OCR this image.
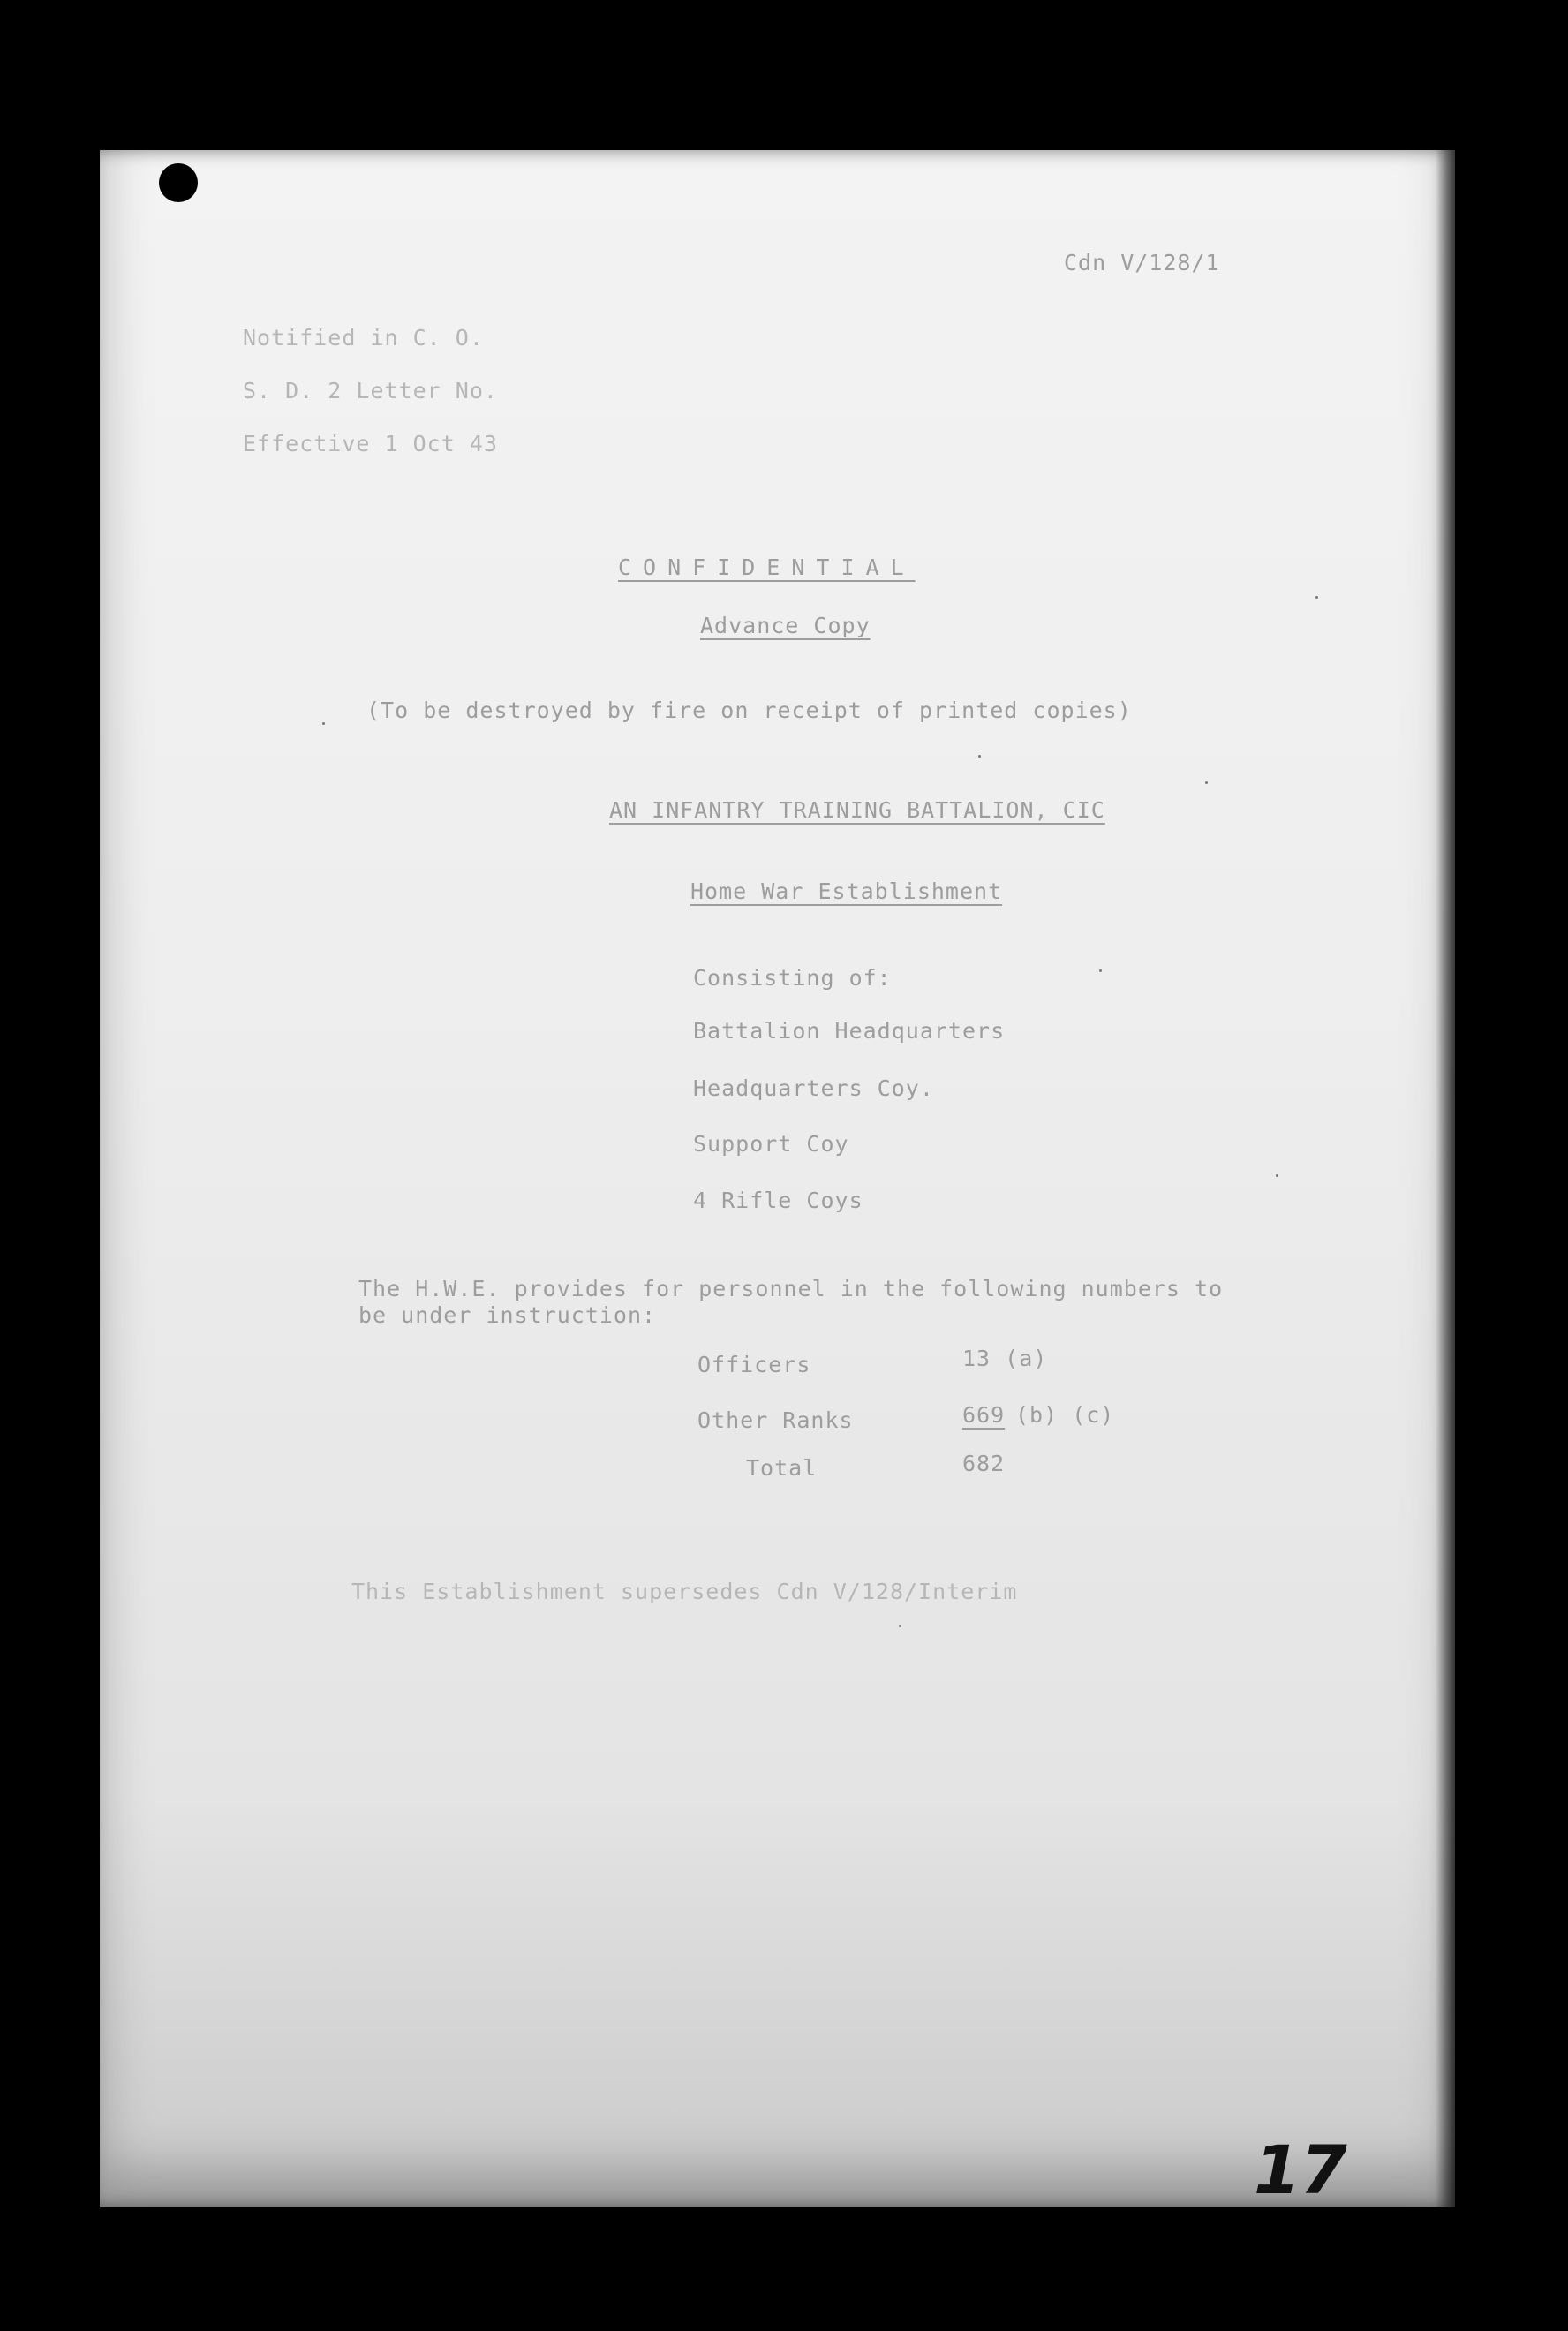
Cdn V/128/1
Notified in C. O.
S. D. 2 Letter No.
Effective 1 Oct 43
CONFIDENTIAL
Advance Copy
(To be destroyed by fire on receipt of printed copies)
AN INFANTRY TRAINING BATTALION, CIC
Home War Establishment
Consisting of:
Battalion Headquarters
Headquarters Coy.
Support Coy
4 Rifle Coys
The H.W.E. provides for personnel in the following numbers to
be under instruction:
Officers	13 (a)
Other Ranks	669 (b) (c)
Total	682
This Establishment supersedes Cdn V/128/Interim
17
